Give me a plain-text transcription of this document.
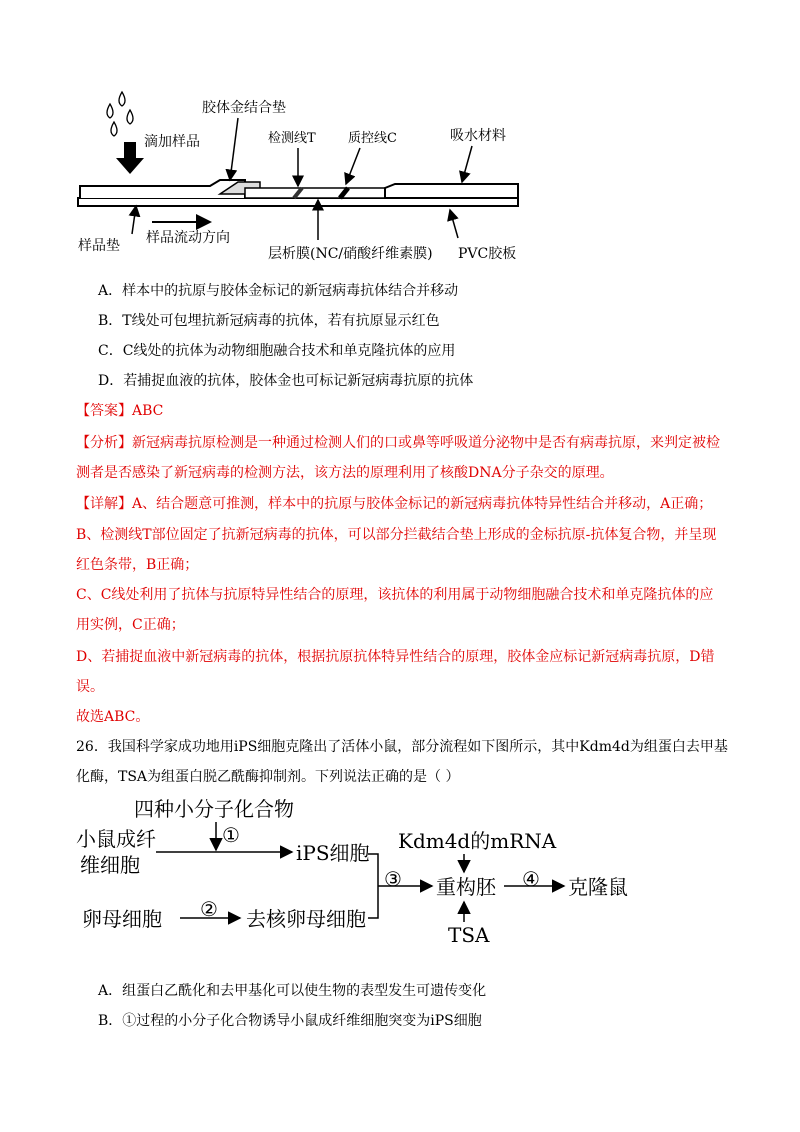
滴加样品
胶体金结合垫
检测线T 质控线C	吸水材料
样品垫 样品流动方向
层析膜(NC/硝酸纤维素膜) PVC胶板
A．样本中的抗原与胶体金标记的新冠病毒抗体结合并移动
B．T线处可包埋抗新冠病毒的抗体，若有抗原显示红色
C．C线处的抗体为动物细胞融合技术和单克隆抗体的应用
D．若捕捉血液的抗体，胶体金也可标记新冠病毒抗原的抗体
【答案】ABC
【分析】新冠病毒抗原检测是一种通过检测人们的口或鼻等呼吸道分泌物中是否有病毒抗原，来判定被检
测者是否感染了新冠病毒的检测方法，该方法的原理利用了核酸DNA分子杂交的原理。
【详解】A、结合题意可推测，样本中的抗原与胶体金标记的新冠病毒抗体特异性结合并移动，A正确；
B、检测线T部位固定了抗新冠病毒的抗体，可以部分拦截结合垫上形成的金标抗原-抗体复合物，并呈现
红色条带，B正确；
C、C线处利用了抗体与抗原特异性结合的原理，该抗体的利用属于动物细胞融合技术和单克隆抗体的应
用实例，C正确；
D、若捕捉血液中新冠病毒的抗体，根据抗原抗体特异性结合的原理，胶体金应标记新冠病毒抗原，D错
误。
故选ABC。
26．我国科学家成功地用iPS细胞克隆出了活体小鼠，部分流程如下图所示，其中Kdm4d为组蛋白去甲基
化酶，TSA为组蛋白脱乙酰酶抑制剂。下列说法正确的是（ ）
四种小分子化合物
①
小鼠成纤
维细胞	iPS细胞 Kdm4d的mRNA
③ 重构胚 ④ 克隆鼠
卵母细胞 ② 去核卵母细胞
TSA
A．组蛋白乙酰化和去甲基化可以使生物的表型发生可遗传变化
B．①过程的小分子化合物诱导小鼠成纤维细胞突变为iPS细胞
